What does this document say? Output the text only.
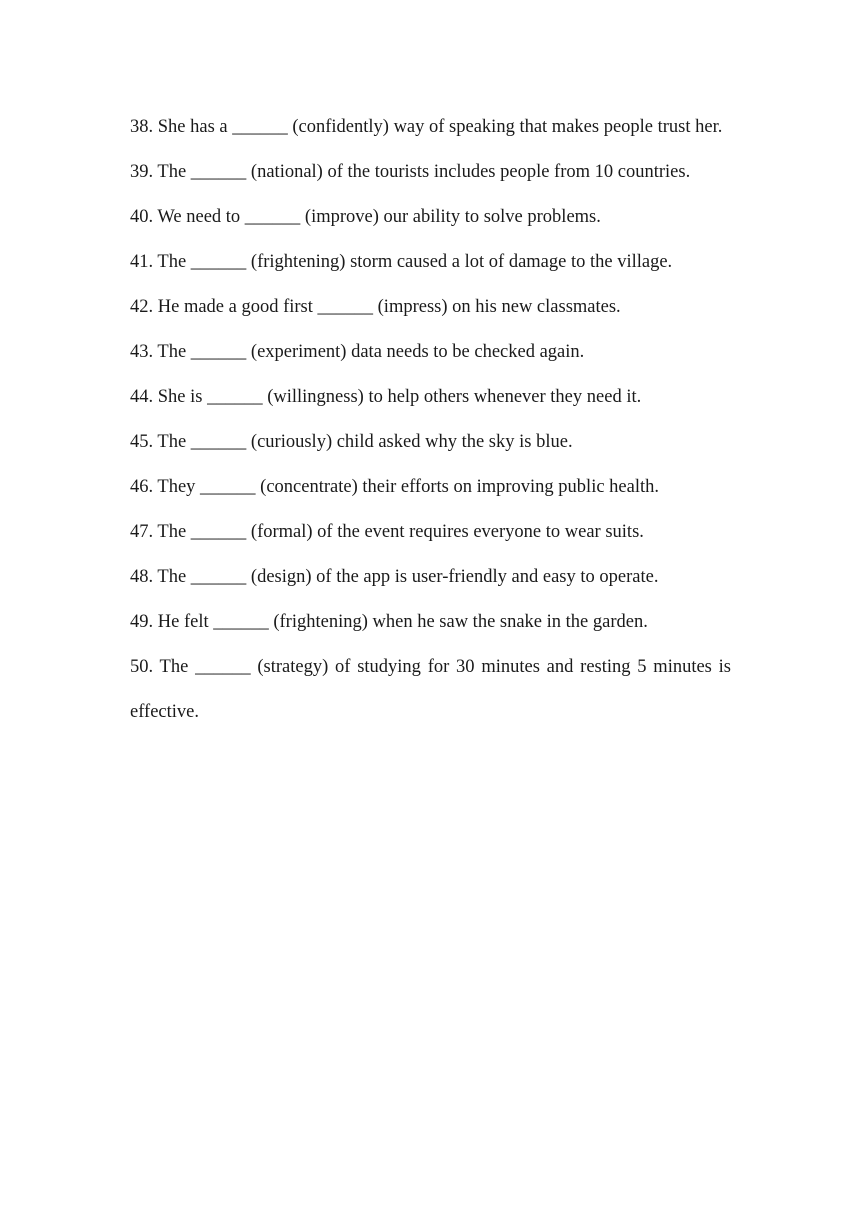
38. She has a ______ (confidently) way of speaking that makes people trust her.

39. The ______ (national) of the tourists includes people from 10 countries.

40. We need to ______ (improve) our ability to solve problems.

41. The ______ (frightening) storm caused a lot of damage to the village.

42. He made a good first ______ (impress) on his new classmates.

43. The ______ (experiment) data needs to be checked again.

44. She is ______ (willingness) to help others whenever they need it.

45. The ______ (curiously) child asked why the sky is blue.

46. They ______ (concentrate) their efforts on improving public health.

47. The ______ (formal) of the event requires everyone to wear suits.

48. The ______ (design) of the app is user-friendly and easy to operate.

49. He felt ______ (frightening) when he saw the snake in the garden.

50. The ______ (strategy) of studying for 30 minutes and resting 5 minutes is effective.
